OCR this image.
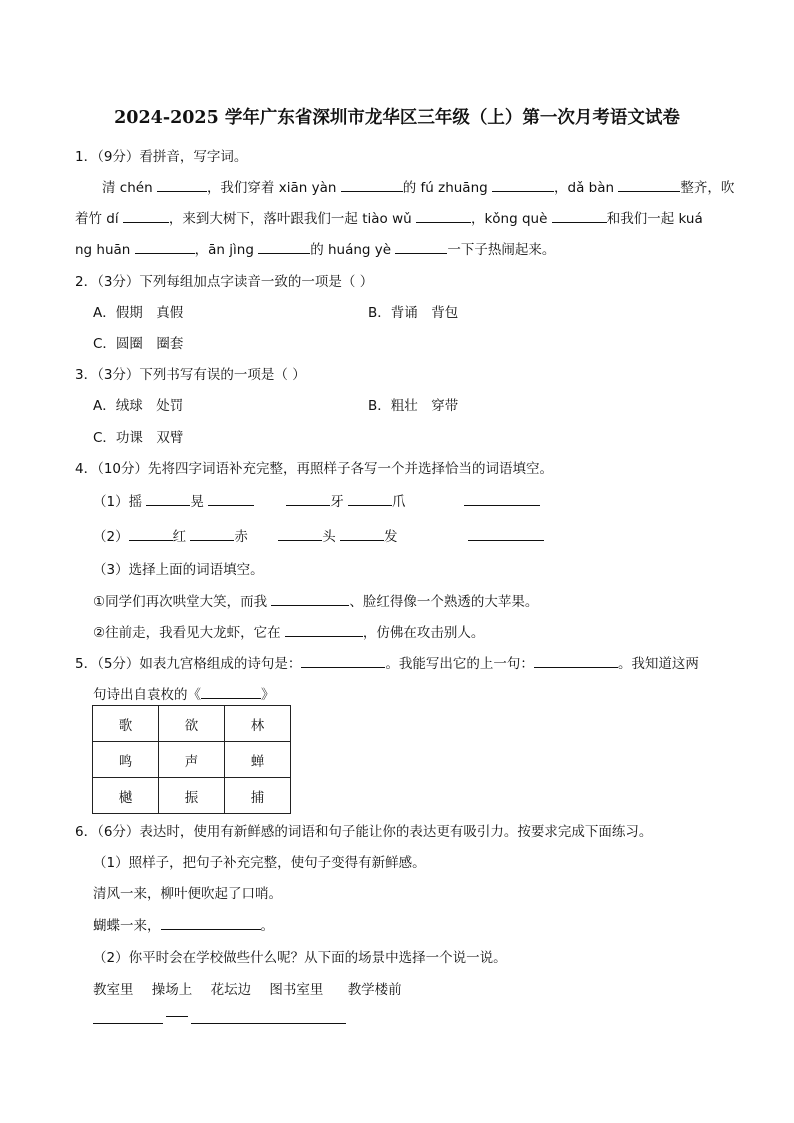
2024-2025 学年广东省深圳市龙华区三年级（上）第一次月考语文试卷
1．（9分）看拼音，写字词。
清 chén	，我们穿着 xiān yàn	的 fú zhuāng	，dǎ bàn	整齐，吹
着竹 dí	，来到大树下，落叶跟我们一起 tiào wǔ	，kǒng què	和我们一起 kuá
ng huān	，ān jìng	的 huáng yè	一下子热闹起来。
2．（3分）下列每组加点字读音一致的一项是（ ）
A．假期　真假	B．背诵　背包
C．圆圈　圈套
3．（3分）下列书写有误的一项是（ ）
A．绒球　处罚	B．粗壮　穿带
C．功课　双臂
4．（10分）先将四字词语补充完整，再照样子各写一个并选择恰当的词语填空。
（1）摇	晃	牙	爪
（2）	红	赤	头	发
（3）选择上面的词语填空。
①同学们再次哄堂大笑，而我	、脸红得像一个熟透的大苹果。
②往前走，我看见大龙虾，它在	，仿佛在攻击别人。
5．（5分）如表九宫格组成的诗句是：	。我能写出它的上一句：	。我知道这两
句诗出自袁枚的《	》
歌	欲	林
鸣	声	蝉
樾	振	捕
6．（6分）表达时，使用有新鲜感的词语和句子能让你的表达更有吸引力。按要求完成下面练习。
（1）照样子，把句子补充完整，使句子变得有新鲜感。
清风一来，柳叶便吹起了口哨。
蝴蝶一来，	。
（2）你平时会在学校做些什么呢？从下面的场景中选择一个说一说。
教室里 操场上 花坛边 图书室里 教学楼前
